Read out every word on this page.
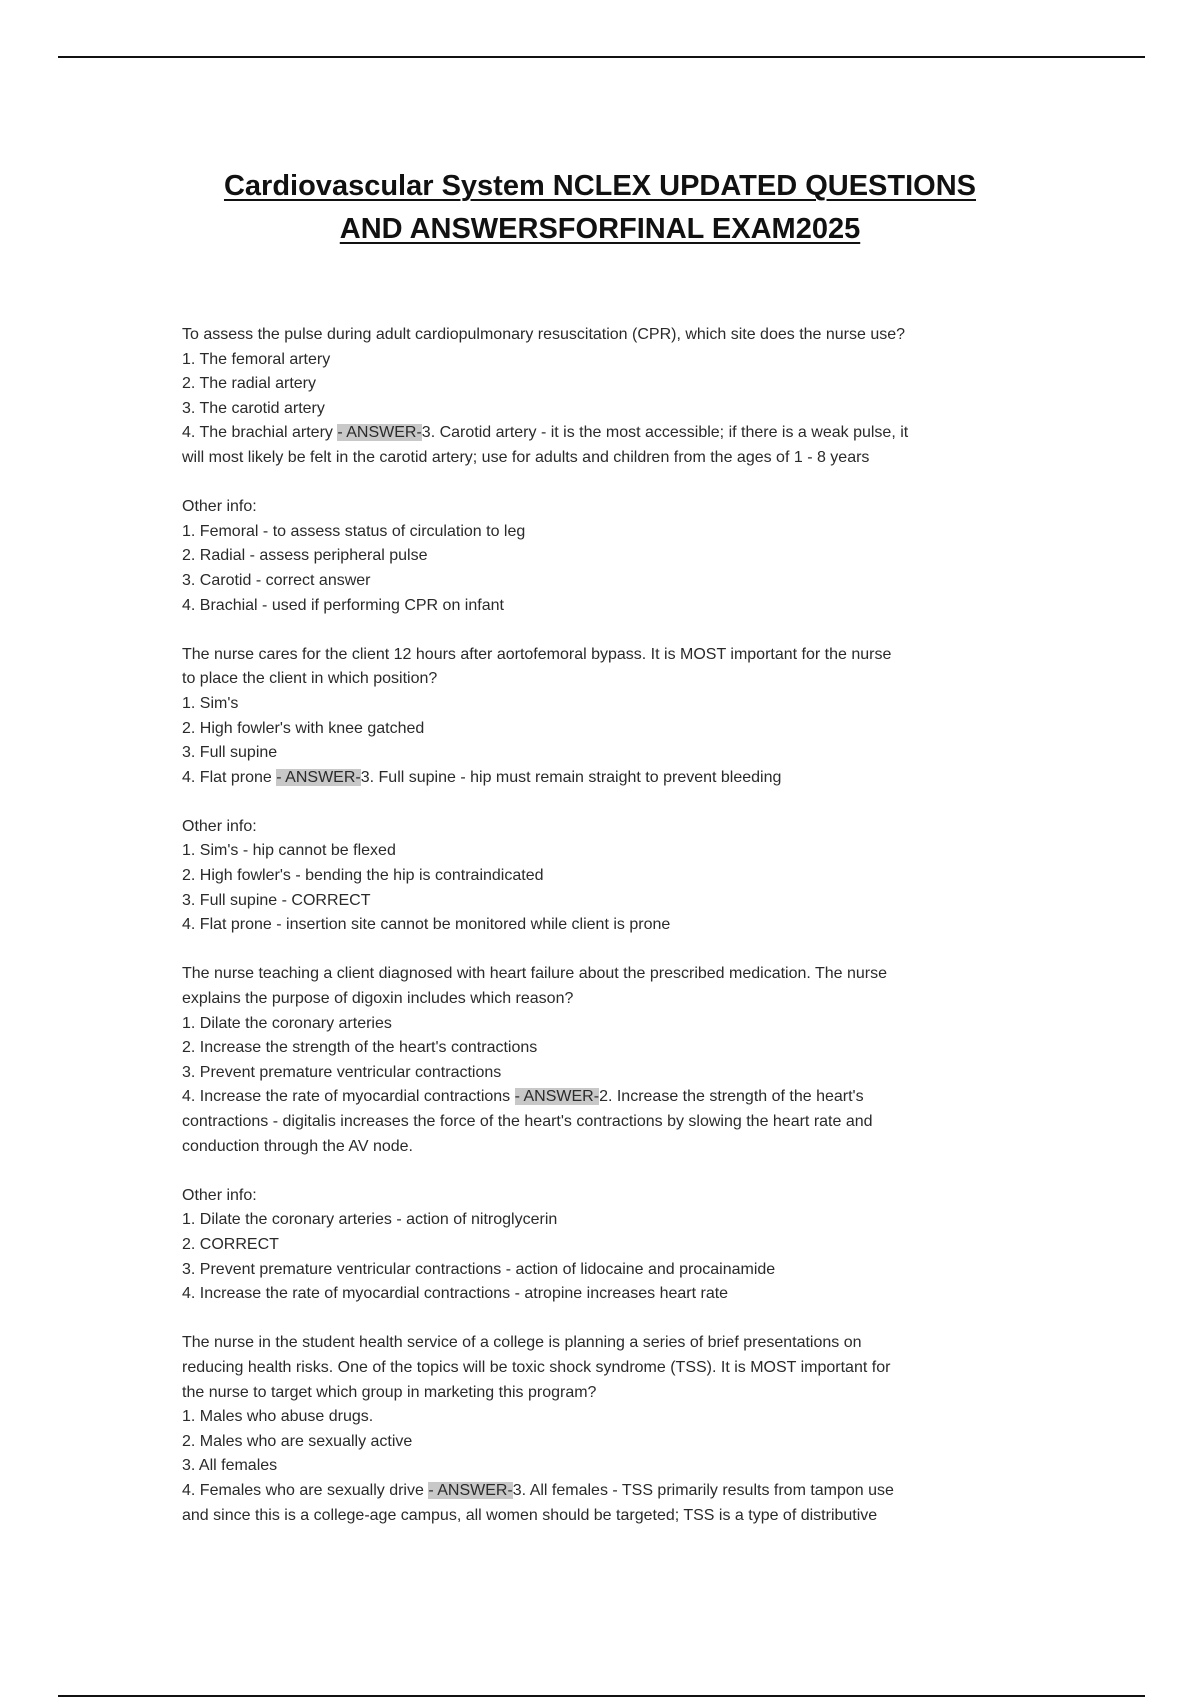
Cardiovascular System NCLEX UPDATED QUESTIONS
AND ANSWERSFORFINAL EXAM2025
To assess the pulse during adult cardiopulmonary resuscitation (CPR), which site does the nurse use?
1. The femoral artery
2. The radial artery
3. The carotid artery
4. The brachial artery - ANSWER-3. Carotid artery - it is the most accessible; if there is a weak pulse, it
will most likely be felt in the carotid artery; use for adults and children from the ages of 1 - 8 years
Other info:
1. Femoral - to assess status of circulation to leg
2. Radial - assess peripheral pulse
3. Carotid - correct answer
4. Brachial - used if performing CPR on infant
The nurse cares for the client 12 hours after aortofemoral bypass. It is MOST important for the nurse
to place the client in which position?
1. Sim's
2. High fowler's with knee gatched
3. Full supine
4. Flat prone - ANSWER-3. Full supine - hip must remain straight to prevent bleeding
Other info:
1. Sim's - hip cannot be flexed
2. High fowler's - bending the hip is contraindicated
3. Full supine - CORRECT
4. Flat prone - insertion site cannot be monitored while client is prone
The nurse teaching a client diagnosed with heart failure about the prescribed medication. The nurse
explains the purpose of digoxin includes which reason?
1. Dilate the coronary arteries
2. Increase the strength of the heart's contractions
3. Prevent premature ventricular contractions
4. Increase the rate of myocardial contractions - ANSWER-2. Increase the strength of the heart's
contractions - digitalis increases the force of the heart's contractions by slowing the heart rate and
conduction through the AV node.
Other info:
1. Dilate the coronary arteries - action of nitroglycerin
2. CORRECT
3. Prevent premature ventricular contractions - action of lidocaine and procainamide
4. Increase the rate of myocardial contractions - atropine increases heart rate
The nurse in the student health service of a college is planning a series of brief presentations on
reducing health risks. One of the topics will be toxic shock syndrome (TSS). It is MOST important for
the nurse to target which group in marketing this program?
1. Males who abuse drugs.
2. Males who are sexually active
3. All females
4. Females who are sexually drive - ANSWER-3. All females - TSS primarily results from tampon use
and since this is a college-age campus, all women should be targeted; TSS is a type of distributive
